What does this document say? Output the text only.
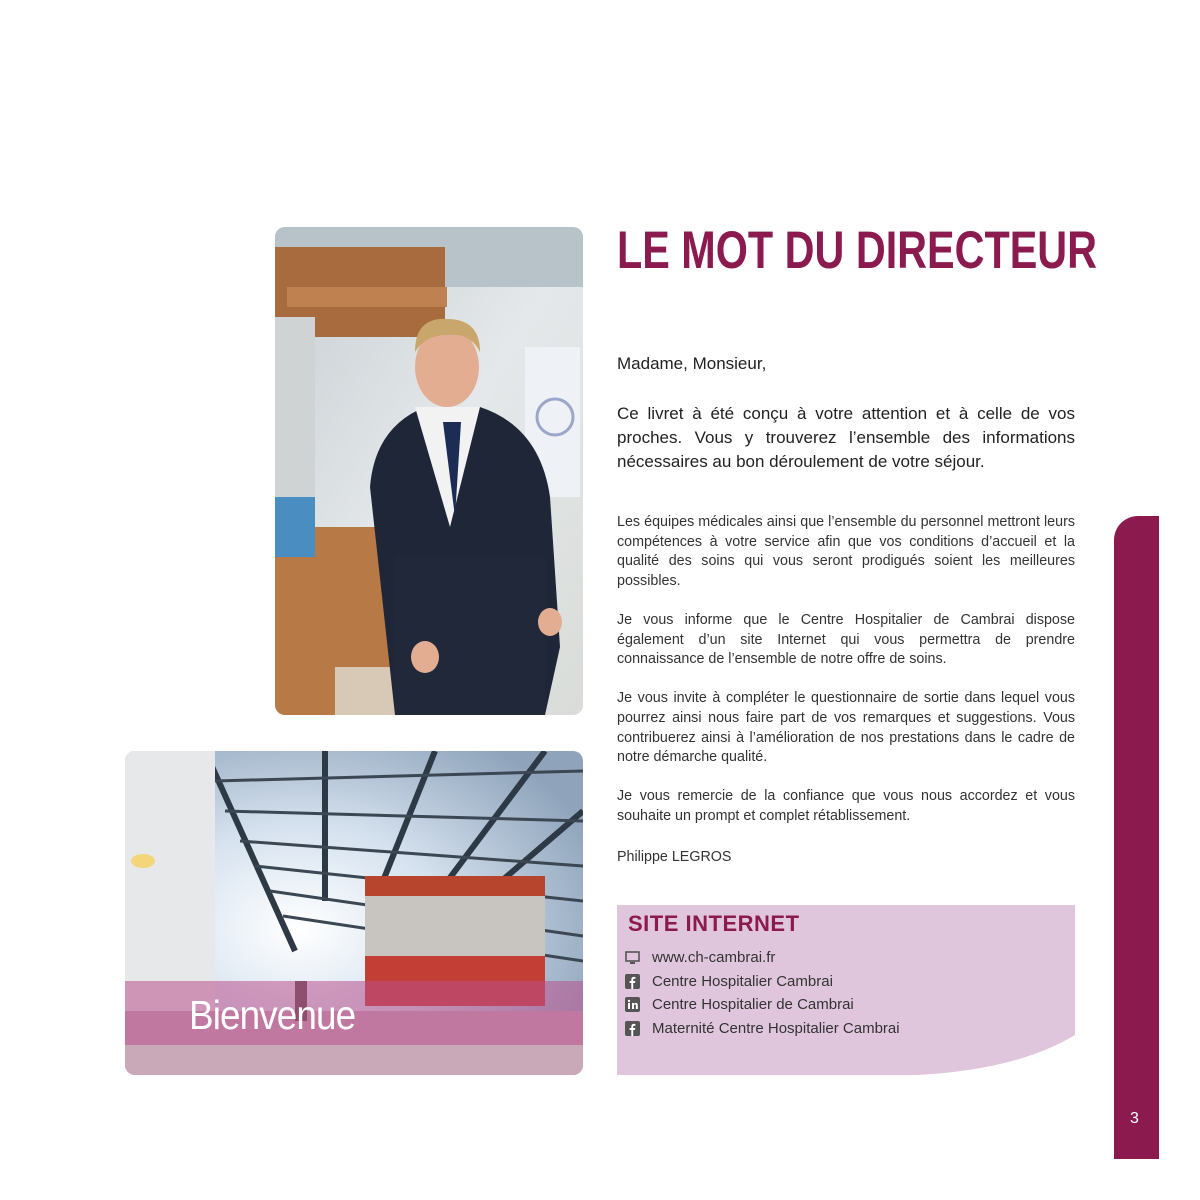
Bienvenue
LE MOT DU DIRECTEUR
Madame, Monsieur,
Ce livret à été conçu à votre attention et à celle de vos proches. Vous y trouverez l’ensemble des informations nécessaires au bon déroulement de votre séjour.

Les équipes médicales ainsi que l’ensemble du personnel mettront leurs compétences à votre service afin que vos conditions d’accueil et la qualité des soins qui vous seront prodigués soient les meilleures possibles.

Je vous informe que le Centre Hospitalier de Cambrai dispose également d’un site Internet qui vous permettra de prendre connaissance de l’ensemble de notre offre de soins.

Je vous invite à compléter le questionnaire de sortie dans lequel vous pourrez ainsi nous faire part de vos remarques et suggestions. Vous contribuerez ainsi à l’amélioration de nos prestations dans le cadre de notre démarche qualité.

Je vous remercie de la confiance que vous nous accordez et vous souhaite un prompt et complet rétablissement.

Philippe LEGROS
SITE INTERNET
www.ch-cambrai.fr
Centre Hospitalier Cambrai
Centre Hospitalier de Cambrai
Maternité Centre Hospitalier Cambrai
3
